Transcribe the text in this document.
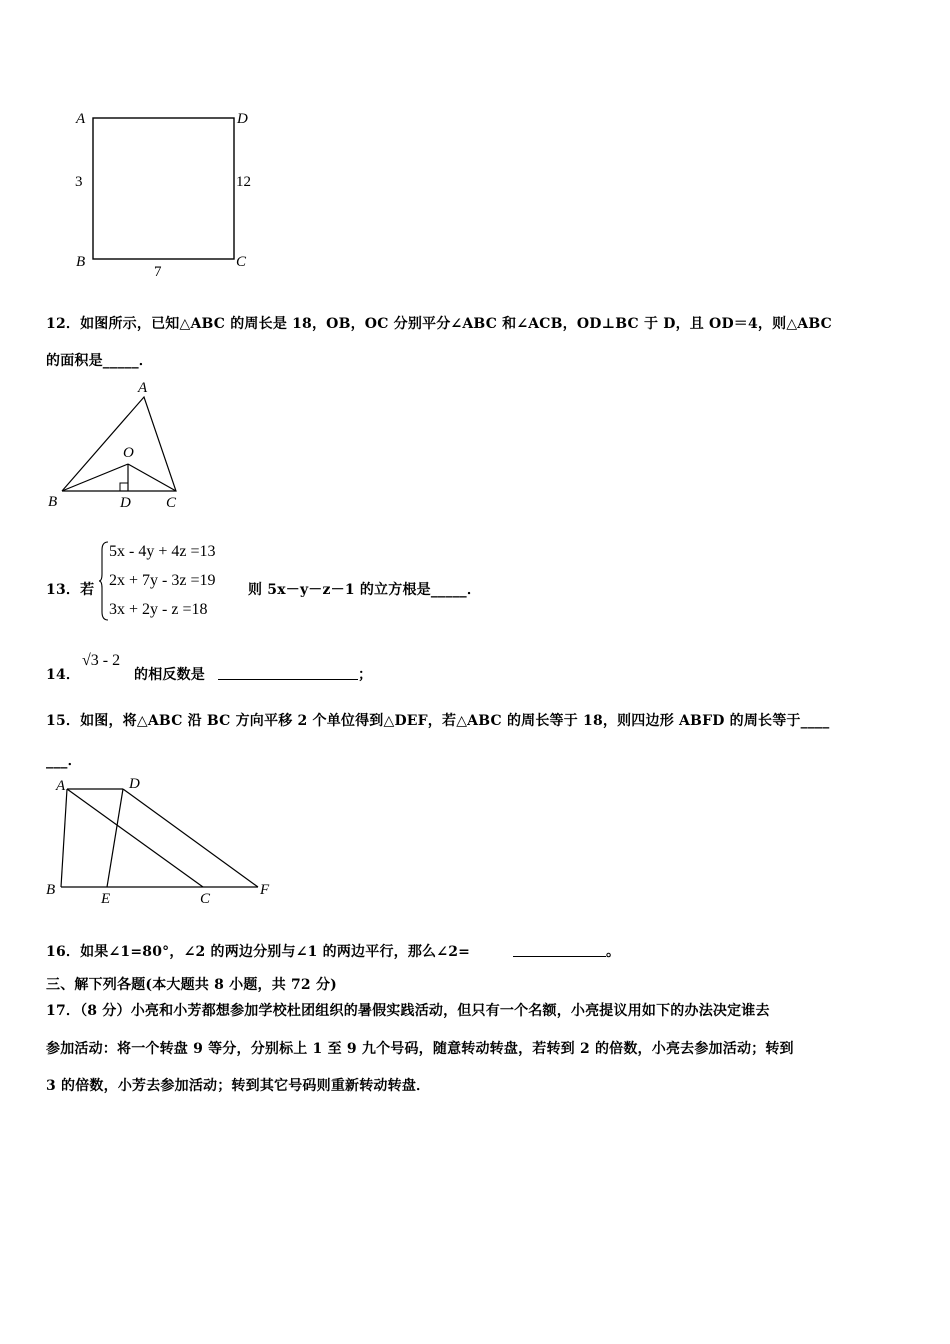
A	D
B	C
3	12
7
12．如图所示，已知△ABC 的周长是 18，OB，OC 分别平分∠ABC 和∠ACB，OD⊥BC 于 D，且 OD＝4，则△ABC
的面积是_____．
A
O
B	D C
13．若
5x - 4y + 4z =13
2x + 7y - 3z =19
3x + 2y - z =18
则 5x－y－z－1 的立方根是_____．
14．
√3 - 2
的相反数是	；
15．如图，将△ABC 沿 BC 方向平移 2 个单位得到△DEF，若△ABC 的周长等于 18，则四边形 ABFD 的周长等于____
___．
A	D
B
E	C
F
16．如果∠1=80°，∠2 的两边分别与∠1 的两边平行，那么∠2=	。
三、解下列各题(本大题共 8 小题，共 72 分)
17．（8 分）小亮和小芳都想参加学校杜团组织的暑假实践活动，但只有一个名额，小亮提议用如下的办法决定谁去
参加活动：将一个转盘 9 等分，分别标上 1 至 9 九个号码，随意转动转盘，若转到 2 的倍数，小亮去参加活动；转到
3 的倍数，小芳去参加活动；转到其它号码则重新转动转盘．
